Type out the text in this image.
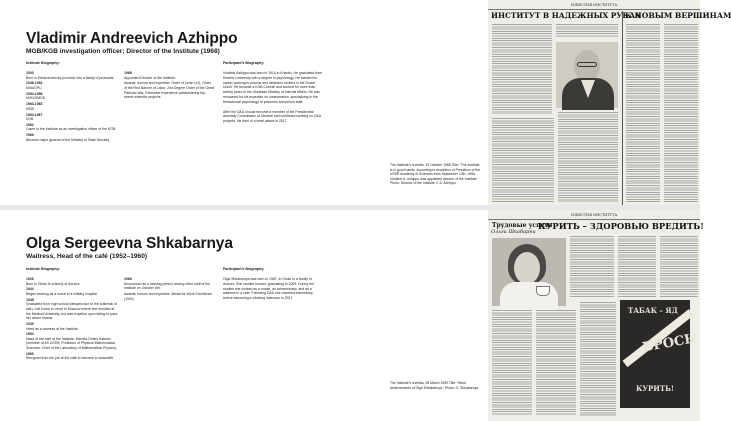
Vladimir Andreevich Azhippo
MGB/KGB investigation officer; Director of the Institute (1968)
Institute Biography:	Participant’s Biography:
1930
Born in Electrohodovky province into a family of peasants.
1946-1954
MVA/GPU
1954-1956
MVD/OMGD
1964-1963
MGB
1954-1967
KGB
1962
Came to the Institute as an investigation officer of the KGB.
1966
Became major general of the Ministry of State Security.
1968
Appointed Director of the Institute.
Awards, honors and expertise: Order of Lenin (x2), Order of the Red Banner of Labor, 2nd Degree Order of the Great Patriotic War, Extensive experience administering top-secret scientific projects.

Vladimir Azhippo was born in 1914 in Kharkiv. He graduated from Kharkiv University with a degree in psychology. He started his career working in prisons and detention centers in the Soviet Union. He became a KGB Colonel and worked for more than twenty years in the Ukrainian Ministry of Internal Affairs. He was renowned for his expertise on incarceration, specializing in the behavioural psychology of prisoners and prison staff.

After the DAU should become a member of the Presidential Amnesty Commission of Ukraine and continued working on DAU projects. He died of a heart attack in 2017.

The Institute’s Izvestia, 19 October 1968 Title: “The Institute is in good hands. According to resolution of Presidium of the USSR Academy of Sciences from September 13th, 1966, Vladimir A. Azhippo was appointed director of the Institute.” Photo: Director of the Institute V. A. Azhippo.
ИЗВЕСТИЯ ИНСТИТУТА
ИНСТИТУТ В НАДЕЖНЫХ РУКАХ
К НОВЫМ ВЕРШИНАМ
Olga Sergeevna Shkabarnya
Waitress, Head of the café (1952–1960)
Institute Biography:	Participant’s Biography:
1926
Born in Omsk to a family of doctors
1944
Began working as a nurse in a military hospital
1948
Graduated from high school (delayed due to the outbreak of war). Left home to move to Moscow where she enrolled at the Medical University, but was expelled upon failing to pass her winter exams.
1949
Hired as a waitress at the Institute.
1954
Head of the café at the Institute. Married Dmitry Kaledin (member of AS USSR; Professor of Physical Mathematical Sciences; Chief of the Laboratory of Mathematical Physics).
1960
Resigned from her job at the café to become a housewife.
1968
Announced as a missing person among other staff of the Institute on October 8th.
Awards, honors and expertise: Medal for Work Excellence (1952)

Olga Shkabarnya was born in 1987, in Omsk to a family of doctors. She studied human, graduating in 2009. During her studies she worked as a model, an administrator, and as a waitress in a cafe. Following DAU she travelled extensively, before becoming a climbing instructor in 2017.

The Institute’s Izvestia, 28 March 1959 Title: “Work achievements of Olga Shkabarnya.” Photo: O. Shkabarnya
ИЗВЕСТИЯ ИНСТИТУТА
Трудовые успехи
Ольги Шкабарни
КУРИТЬ – ЗДОРОВЬЮ ВРЕДИТЬ!
ТАБАК – ЯД
БРОСЬ
КУРИТЬ!
